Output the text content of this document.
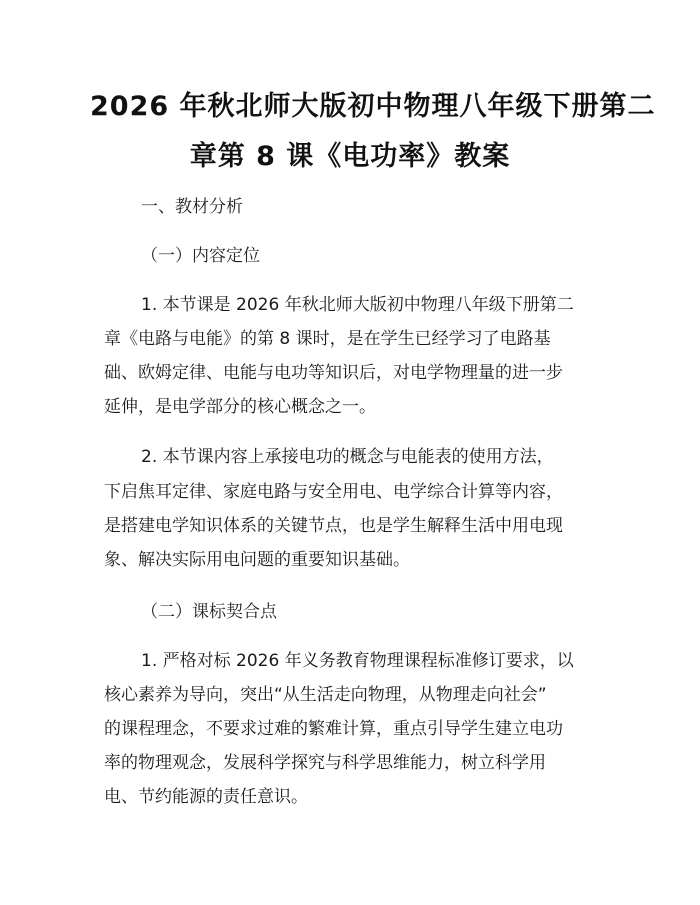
2026 年秋北师大版初中物理八年级下册第二
章第 8 课《电功率》教案
一、教材分析
（一）内容定位
1. 本节课是 2026 年秋北师大版初中物理八年级下册第二
章《电路与电能》的第 8 课时，是在学生已经学习了电路基
础、欧姆定律、电能与电功等知识后，对电学物理量的进一步
延伸，是电学部分的核心概念之一。
2. 本节课内容上承接电功的概念与电能表的使用方法，
下启焦耳定律、家庭电路与安全用电、电学综合计算等内容，
是搭建电学知识体系的关键节点，也是学生解释生活中用电现
象、解决实际用电问题的重要知识基础。
（二）课标契合点
1. 严格对标 2026 年义务教育物理课程标准修订要求，以
核心素养为导向，突出“从生活走向物理，从物理走向社会”
的课程理念，不要求过难的繁难计算，重点引导学生建立电功
率的物理观念，发展科学探究与科学思维能力，树立科学用
电、节约能源的责任意识。
